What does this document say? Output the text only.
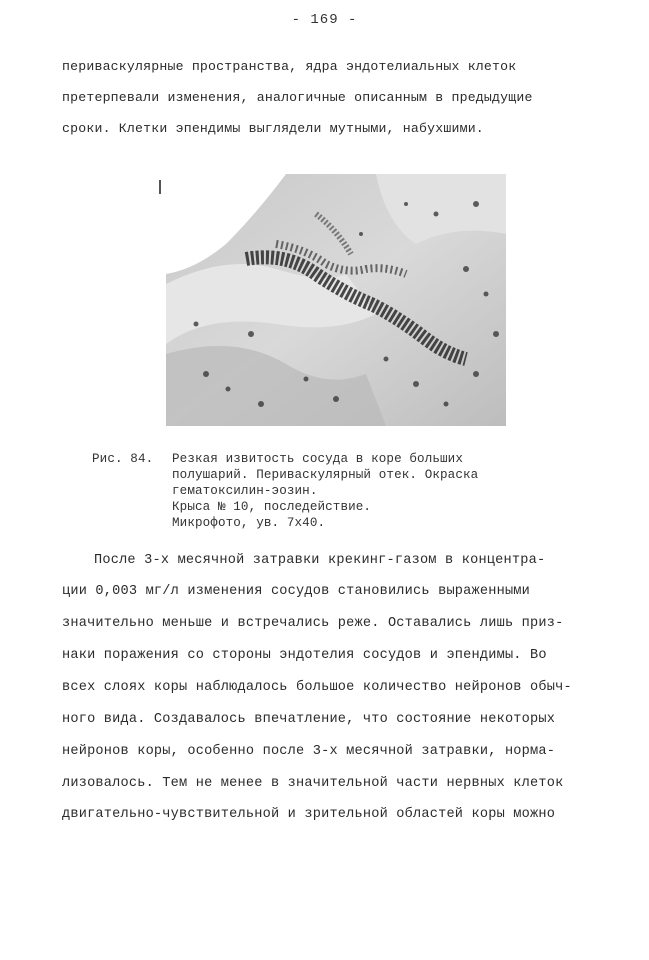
- 169 -
периваскулярные пространства, ядра эндотелиальных клеток
претерпевали изменения, аналогичные описанным в предыдущие
сроки. Клетки эпендимы выглядели мутными, набухшими.
Рис. 84. Резкая извитость сосуда в коре больших
полушарий. Периваскулярный отек. Окраска
гематоксилин-эозин.
Крыса № 10, последействие.
Микрофото, ув. 7х40.
После 3-х месячной затравки крекинг-газом в концентра-
ции 0,003 мг/л изменения сосудов становились выраженными
значительно меньше и встречались реже. Оставались лишь приз-
наки поражения со стороны эндотелия сосудов и эпендимы. Во
всех слоях коры наблюдалось большое количество нейронов обыч-
ного вида. Создавалось впечатление, что состояние некоторых
нейронов коры, особенно после 3-х месячной затравки, норма-
лизовалось. Тем не менее в значительной части нервных клеток
двигательно-чувствительной и зрительной областей коры можно
